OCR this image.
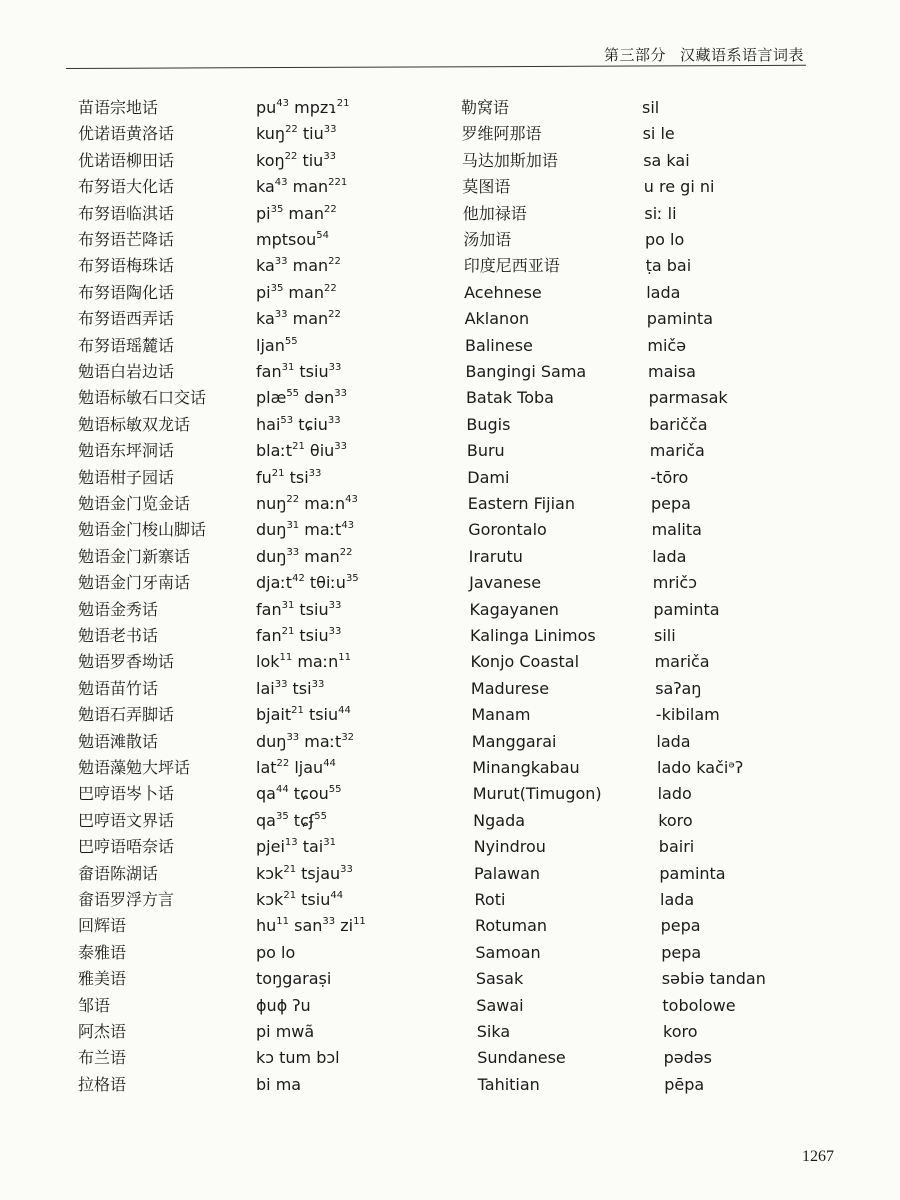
第三部分 汉藏语系语言词表
苗语宗地话	$pu^{43}$ mpzɿ$^{21}$	勒窝语	sil
优诺语黄洛话	kuŋ$^{22}$ tiu$^{33}$	罗维阿那语	si le
优诺语柳田话	koŋ$^{22}$ tiu$^{33}$	马达加斯加语	sa kai
布努语大化话	$ka^{43}$ man$^{221}$	莫图语	u re gi ni
布努语临淇话	$pi^{35}$ man$^{22}$	他加禄语	siː li
布努语芒降话	mptsou$^{54}$	汤加语	po lo
布努语梅珠话	$ka^{33}$ man$^{22}$	印度尼西亚语	ṭa bai
布努语陶化话	$pi^{35}$ man$^{22}$	Acehnese	lada
布努语西弄话	$ka^{33}$ man$^{22}$	Aklanon	paminta
布努语瑶麓话	ljan$^{55}$	Balinese	mičə
勉语白岩边话	fan$^{31}$ tsiu$^{33}$	Bangingi Sama	maisa
勉语标敏石口交话	plæ$^{55}$ dən$^{33}$	Batak Toba	parmasak
勉语标敏双龙话	hai$^{53}$ tɕiu$^{33}$	Bugis	baričča
勉语东坪洞话	blaːt$^{21}$ θiu$^{33}$	Buru	mariča
勉语柑子园话	$fu^{21}$ tsi$^{33}$	Dami	-tōro
勉语金门览金话	nuŋ$^{22}$ maːn$^{43}$	Eastern Fijian	pepa
勉语金门梭山脚话	duŋ$^{31}$ maːt$^{43}$	Gorontalo	malita
勉语金门新寨话	duŋ$^{33}$ man$^{22}$	Irarutu	lada
勉语金门牙南话	djaːt$^{42}$ tθiːu$^{35}$	Javanese	mričɔ
勉语金秀话	fan$^{31}$ tsiu$^{33}$	Kagayanen	paminta
勉语老书话	fan$^{21}$ tsiu$^{33}$	Kalinga Linimos	sili
勉语罗香坳话	lok$^{11}$ maːn$^{11}$	Konjo Coastal	mariča
勉语苗竹话	lai$^{33}$ tsi$^{33}$	Madurese	saʔaŋ
勉语石弄脚话	bjait$^{21}$ tsiu$^{44}$	Manam	-kibilam
勉语滩散话	duŋ$^{33}$ maːt$^{32}$	Manggarai	lada
勉语藻勉大坪话	lat$^{22}$ ljau$^{44}$	Minangkabau	lado kačiᵊʔ
巴哼语岑卜话	$qa^{44}$ tɕou$^{55}$	Murut(Timugon)	lado
巴哼语文界话	$qa^{35}$ tɕʄ$^{55}$	Ngada	koro
巴哼语唔奈话	pjei$^{13}$ tai$^{31}$	Nyindrou	bairi
畲语陈湖话	kɔk$^{21}$ tsjau$^{33}$	Palawan	paminta
畲语罗浮方言	kɔk$^{21}$ tsiu$^{44}$	Roti	lada
回辉语	$hu^{11}$ san$^{33}$ $zi^{11}$	Rotuman	pepa
泰雅语	po lo	Samoan	pepa
雅美语	toŋgaraṣi	Sasak	səbiə tandan
邹语	ɸuɸ ʔu	Sawai	tobolowe
阿杰语	pi mwã	Sika	koro
布兰语	kɔ tum bɔl	Sundanese	pədəs
拉格语	bi ma	Tahitian	pēpa
1267
